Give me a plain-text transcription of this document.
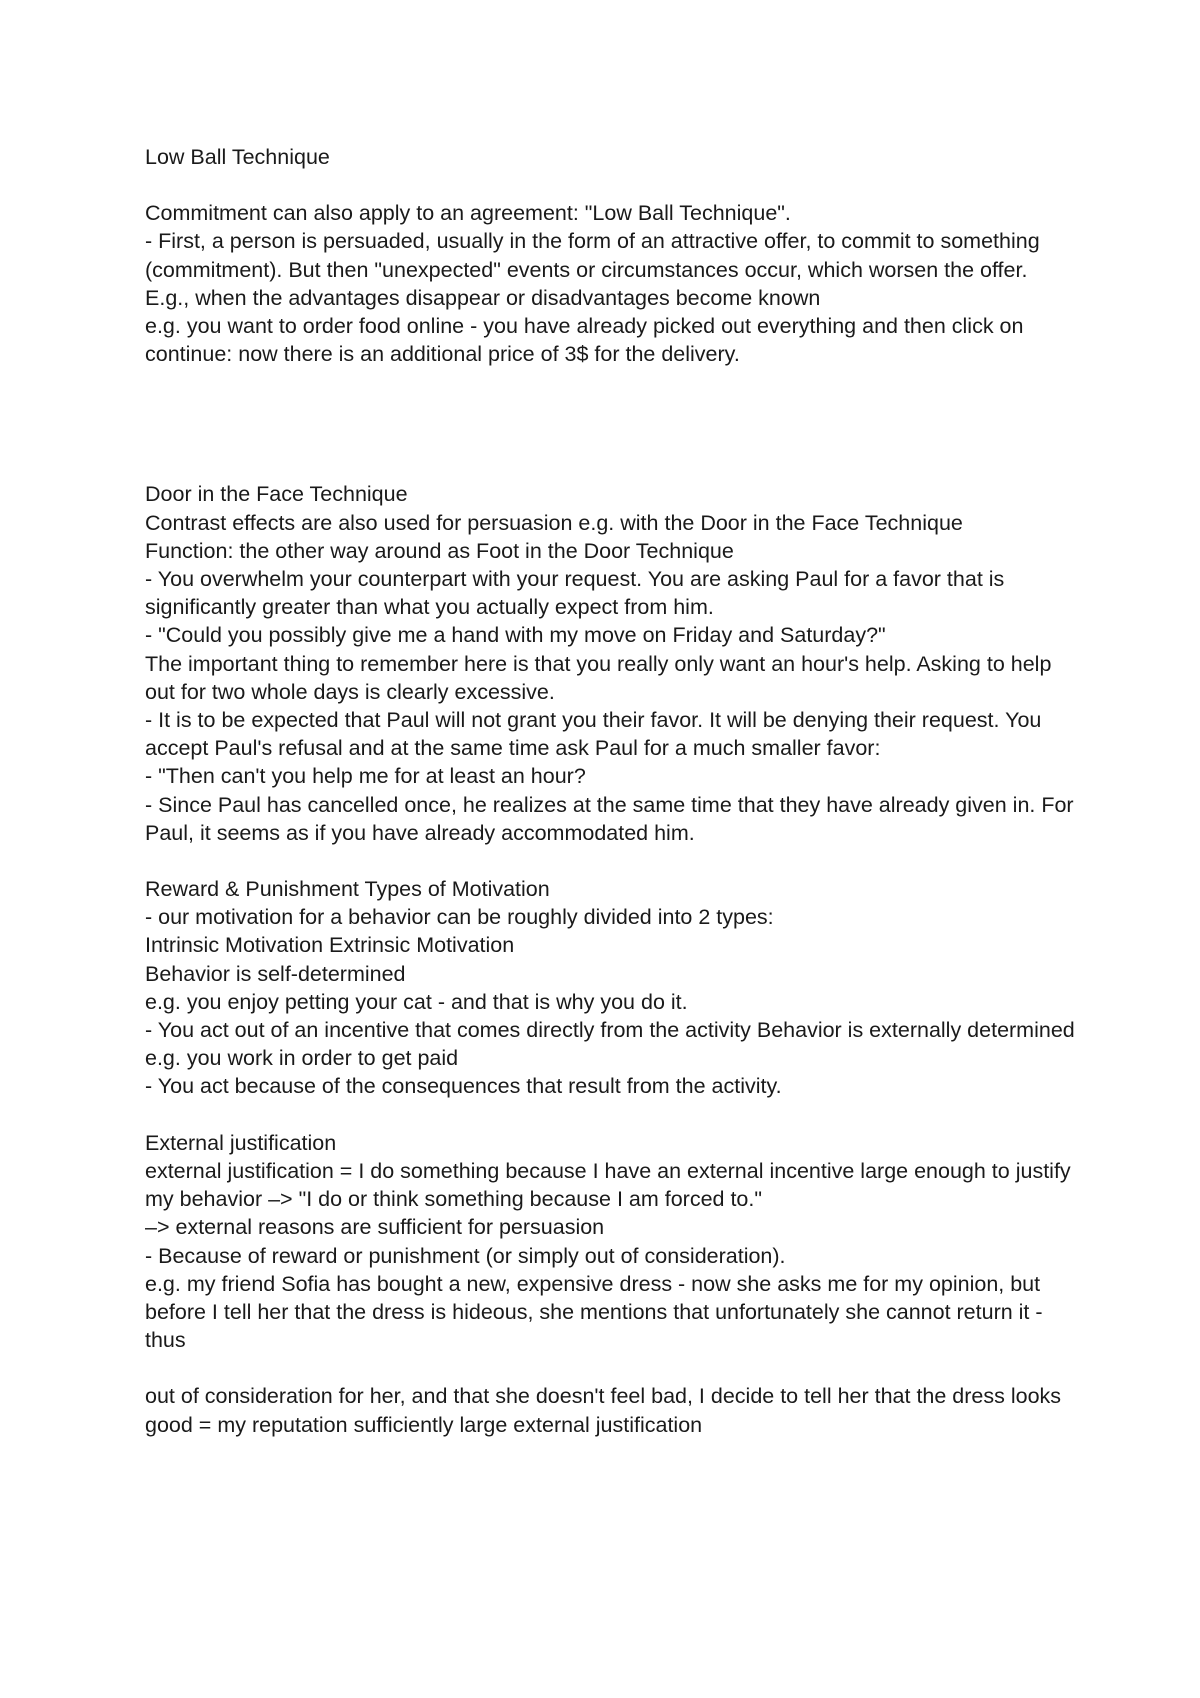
Low Ball Technique

Commitment can also apply to an agreement: "Low Ball Technique".

- First, a person is persuaded, usually in the form of an attractive offer, to commit to something (commitment). But then "unexpected" events or circumstances occur, which worsen the offer. E.g., when the advantages disappear or disadvantages become known

e.g. you want to order food online - you have already picked out everything and then click on continue: now there is an additional price of 3$ for the delivery.

Door in the Face Technique

Contrast effects are also used for persuasion e.g. with the Door in the Face Technique

Function: the other way around as Foot in the Door Technique

- You overwhelm your counterpart with your request. You are asking Paul for a favor that is significantly greater than what you actually expect from him.

- "Could you possibly give me a hand with my move on Friday and Saturday?"

The important thing to remember here is that you really only want an hour's help. Asking to help out for two whole days is clearly excessive.

- It is to be expected that Paul will not grant you their favor. It will be denying their request. You accept Paul's refusal and at the same time ask Paul for a much smaller favor:

- "Then can't you help me for at least an hour?

- Since Paul has cancelled once, he realizes at the same time that they have already given in. For Paul, it seems as if you have already accommodated him.

Reward & Punishment Types of Motivation

- our motivation for a behavior can be roughly divided into 2 types:

Intrinsic Motivation Extrinsic Motivation

Behavior is self-determined

e.g. you enjoy petting your cat - and that is why you do it.

- You act out of an incentive that comes directly from the activity Behavior is externally determined

e.g. you work in order to get paid

- You act because of the consequences that result from the activity.

External justification

external justification = I do something because I have an external incentive large enough to justify my behavior –> "I do or think something because I am forced to."

–> external reasons are sufficient for persuasion

- Because of reward or punishment (or simply out of consideration).

e.g. my friend Sofia has bought a new, expensive dress - now she asks me for my opinion, but before I tell her that the dress is hideous, she mentions that unfortunately she cannot return it - thus

out of consideration for her, and that she doesn't feel bad, I decide to tell her that the dress looks good = my reputation sufficiently large external justification
